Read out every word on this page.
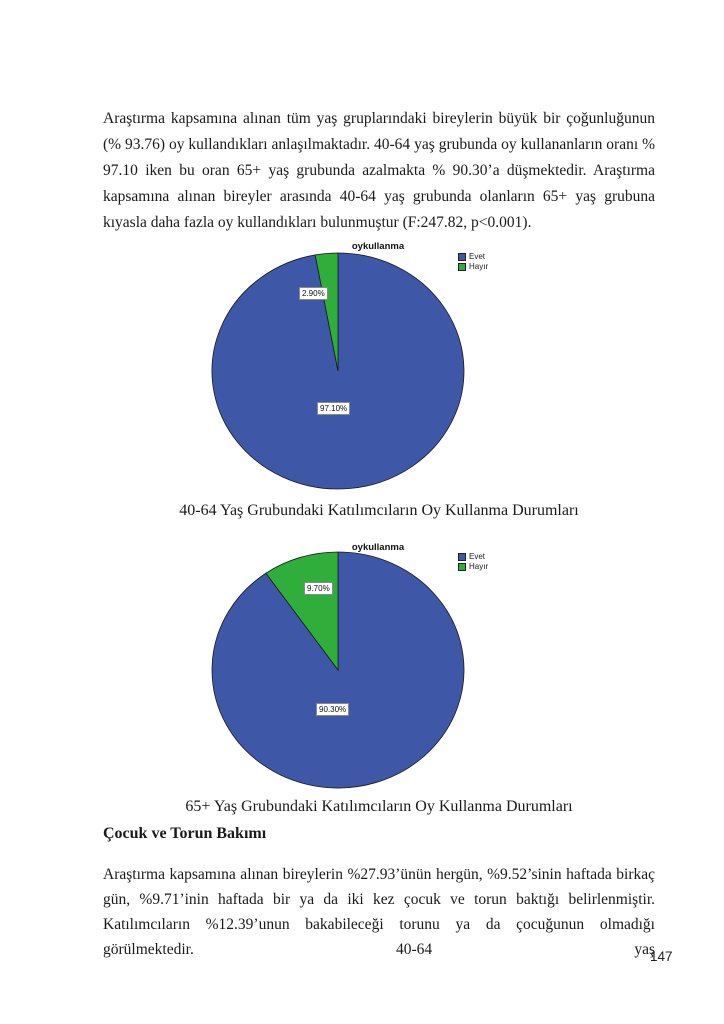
Araştırma kapsamına alınan tüm yaş gruplarındaki bireylerin büyük bir çoğunluğunun (% 93.76) oy kullandıkları anlaşılmaktadır. 40-64 yaş grubunda oy kullananların oranı % 97.10 iken bu oran 65+ yaş grubunda azalmakta % 90.30’a düşmektedir. Araştırma kapsamına alınan bireyler arasında 40-64 yaş grubunda olanların 65+ yaş grubuna kıyasla daha fazla oy kullandıkları bulunmuştur (F:247.82, p<0.001).

oykullanma
Evet
Hayır
2.90%
97.10%
40-64 Yaş Grubundaki Katılımcıların Oy Kullanma Durumları
oykullanma
Evet
Hayır
9.70%
90.30%
65+ Yaş Grubundaki Katılımcıların Oy Kullanma Durumları
Çocuk ve Torun Bakımı

Araştırma kapsamına alınan bireylerin %27.93’ünün hergün, %9.52’sinin haftada birkaç gün, %9.71’inin haftada bir ya da iki kez çocuk ve torun baktığı belirlenmiştir. Katılımcıların %12.39’unun bakabileceği torunu ya da çocuğunun olmadığı görülmektedir. 40-64 yaş

147
